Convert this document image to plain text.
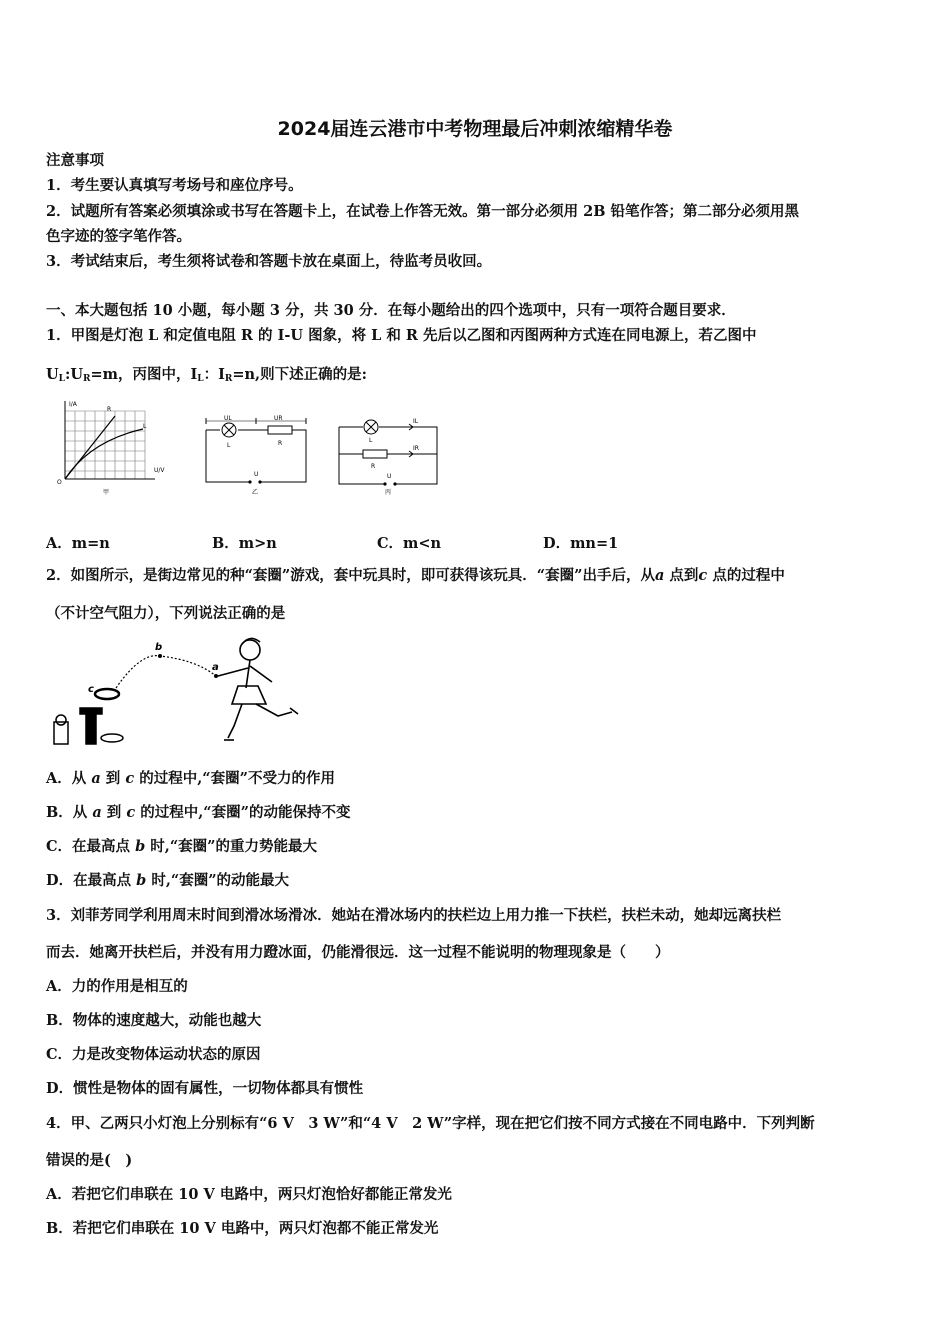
2024届连云港市中考物理最后冲刺浓缩精华卷
注意事项
1．考生要认真填写考场号和座位序号。
2．试题所有答案必须填涂或书写在答题卡上，在试卷上作答无效。第一部分必须用 2B 铅笔作答；第二部分必须用黑
色字迹的签字笔作答。
3．考试结束后，考生须将试卷和答题卡放在桌面上，待监考员收回。
一、本大题包括 10 小题，每小题 3 分，共 30 分．在每小题给出的四个选项中，只有一项符合题目要求．
1．甲图是灯泡 L 和定值电阻 R 的 I-U 图象，将 L 和 R 先后以乙图和丙图两种方式连在同电源上，若乙图中
$U_L:U_R=m$，丙图中，$I_L$：$I_R=n$,则下述正确的是:
I/A
U/V
O
R
L
甲
UL	UR
L	R
U
乙
L
R
IL
IR
U
丙
A．m=n	B．m>n	C．m<n	D．mn=1
2．如图所示，是街边常见的种“套圈”游戏，套中玩具时，即可获得该玩具．“套圈”出手后，从a 点到c 点的过程中
（不计空气阻力），下列说法正确的是
b
a
c
A．从 a 到 c 的过程中,“套圈”不受力的作用
B．从 a 到 c 的过程中,“套圈”的动能保持不变
C．在最高点 b 时,“套圈”的重力势能最大
D．在最高点 b 时,“套圈”的动能最大
3．刘菲芳同学利用周末时间到滑冰场滑冰．她站在滑冰场内的扶栏边上用力推一下扶栏，扶栏未动，她却远离扶栏
而去．她离开扶栏后，并没有用力蹬冰面，仍能滑很远．这一过程不能说明的物理现象是（　　）
A．力的作用是相互的
B．物体的速度越大，动能也越大
C．力是改变物体运动状态的原因
D．惯性是物体的固有属性，一切物体都具有惯性
4．甲、乙两只小灯泡上分别标有“6 V　3 W”和“4 V　2 W”字样，现在把它们按不同方式接在不同电路中．下列判断
错误的是(　)
A．若把它们串联在 10 V 电路中，两只灯泡恰好都能正常发光
B．若把它们串联在 10 V 电路中，两只灯泡都不能正常发光
